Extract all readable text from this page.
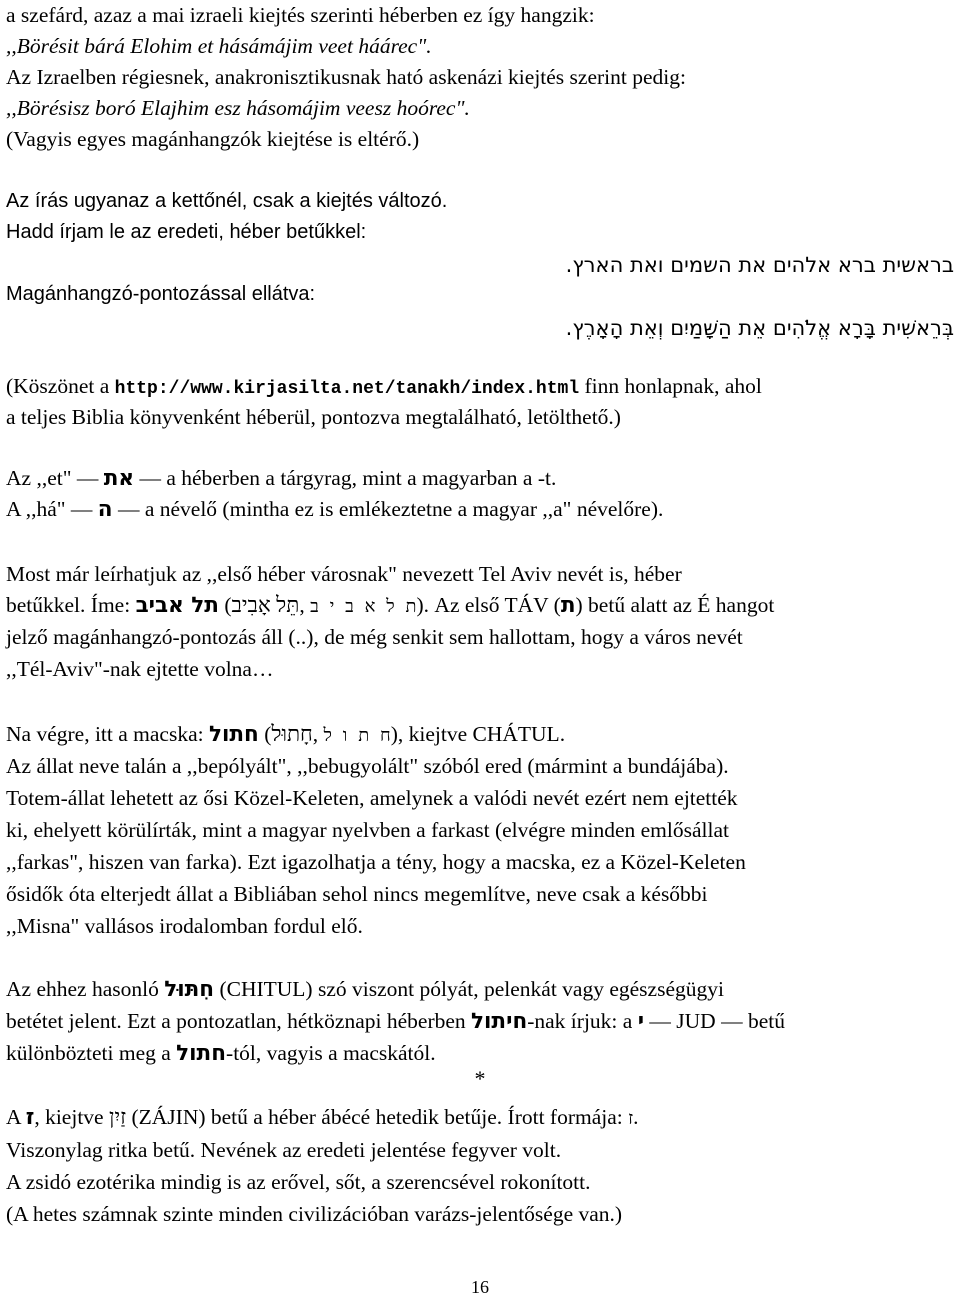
a szefárd, azaz a mai izraeli kiejtés szerinti héberben ez így hangzik:
,,Börésit bárá Elohim et hásámájim veet háárec".
Az Izraelben régiesnek, anakronisztikusnak ható askenázi kiejtés szerint pedig:
,,Börésisz boró Elajhim esz hásomájim veesz hoórec".
(Vagyis egyes magánhangzók kiejtése is eltérő.)
Az írás ugyanaz a kettőnél, csak a kiejtés változó.
Hadd írjam le az eredeti, héber betűkkel:
בראשית ברא אלהים את השמים ואת הארץ.
Magánhangzó-pontozással ellátva:
בְּרֵאשִׁית בָּרָא אֱלֹהִים אֵת הַשָּׁמַיִם וְאֵת הָאָרֶץ.
(Köszönet a http://www.kirjasilta.net/tanakh/index.html finn honlapnak, ahol
a teljes Biblia könyvenként héberül, pontozva megtalálható, letölthető.)
Az ,,et" — את — a héberben a tárgyrag, mint a magyarban a -t.
A ,,há" — ה — a névelő (mintha ez is emlékeztetne a magyar ,,a" névelőre).
Most már leírhatjuk az ,,első héber városnak" nevezett Tel Aviv nevét is, héber
betűkkel. Íme: תל אביב (תֵּל אָבִיב, ת ל א ב י ב). Az első TÁV (ת) betű alatt az É hangot
jelző magánhangzó-pontozás áll (..), de még senkit sem hallottam, hogy a város nevét
,,Tél-Aviv"-nak ejtette volna…
Na végre, itt a macska: חתול (חָתוּל, ח ת ו ל), kiejtve CHÁTUL.
Az állat neve talán a ,,bepólyált", ,,bebugyolált" szóból ered (mármint a bundájába).
Totem-állat lehetett az ősi Közel-Keleten, amelynek a valódi nevét ezért nem ejtették
ki, ehelyett körülírták, mint a magyar nyelvben a farkast (elvégre minden emlősállat
,,farkas", hiszen van farka). Ezt igazolhatja a tény, hogy a macska, ez a Közel-Keleten
ősidők óta elterjedt állat a Bibliában sehol nincs megemlítve, neve csak a későbbi
,,Misna" vallásos irodalomban fordul elő.
Az ehhez hasonló חִתּוּל (CHITUL) szó viszont pólyát, pelenkát vagy egészségügyi
betétet jelent. Ezt a pontozatlan, hétköznapi héberben חיתול-nak írjuk: a י — JUD — betű
különbözteti meg a חתול-tól, vagyis a macskától.
*
A ז, kiejtve זַיִן (ZÁJIN) betű a héber ábécé hetedik betűje. Írott formája: ז.
Viszonylag ritka betű. Nevének az eredeti jelentése fegyver volt.
A zsidó ezotérika mindig is az erővel, sőt, a szerencsével rokonított.
(A hetes számnak szinte minden civilizációban varázs-jelentősége van.)
16
